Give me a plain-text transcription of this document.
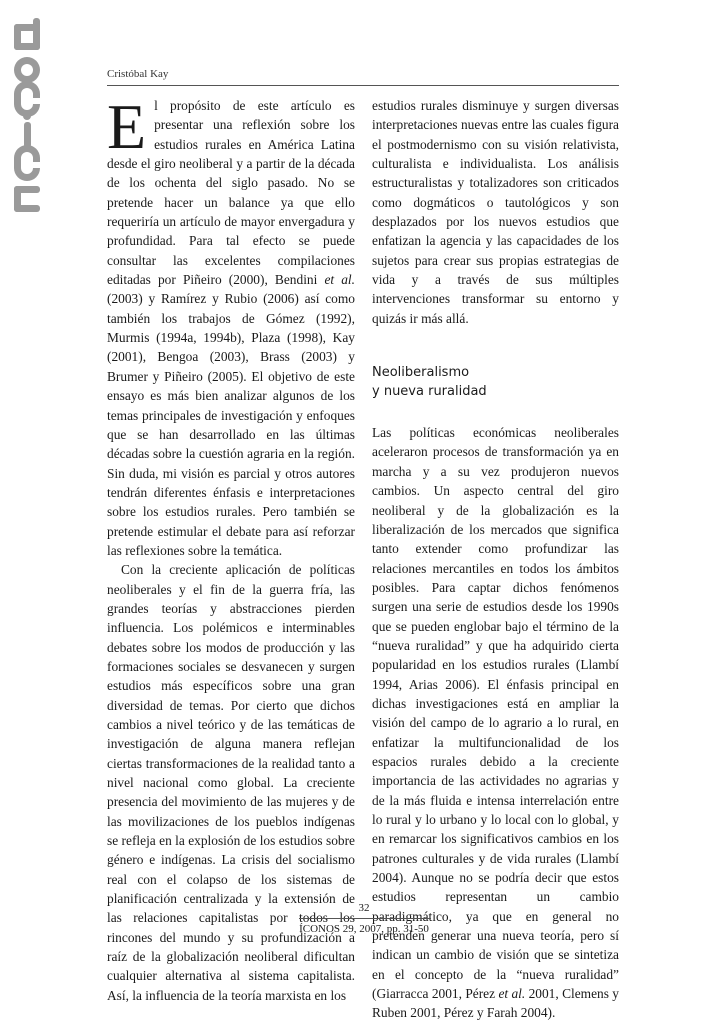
Cristóbal Kay

El propósito de este artículo es presentar una reflexión sobre los estudios rurales en América Latina desde el giro neoliberal y a partir de la década de los ochenta del siglo pasado. No se pretende hacer un balance ya que ello requeriría un artículo de mayor envergadura y profundidad. Para tal efecto se puede consultar las excelentes compilaciones editadas por Piñeiro (2000), Bendini et al. (2003) y Ramírez y Rubio (2006) así como también los trabajos de Gómez (1992), Murmis (1994a, 1994b), Plaza (1998), Kay (2001), Bengoa (2003), Brass (2003) y Brumer y Piñeiro (2005). El objetivo de este ensayo es más bien analizar algunos de los temas principales de investigación y enfoques que se han desarrollado en las últimas décadas sobre la cuestión agraria en la región. Sin duda, mi visión es parcial y otros autores tendrán diferentes énfasis e interpretaciones sobre los estudios rurales. Pero también se pretende estimular el debate para así reforzar las reflexiones sobre la temática.

Con la creciente aplicación de políticas neoliberales y el fin de la guerra fría, las grandes teorías y abstracciones pierden influencia. Los polémicos e interminables debates sobre los modos de producción y las formaciones sociales se desvanecen y surgen estudios más específicos sobre una gran diversidad de temas. Por cierto que dichos cambios a nivel teórico y de las temáticas de investigación de alguna manera reflejan ciertas transformaciones de la realidad tanto a nivel nacional como global. La creciente presencia del movimiento de las mujeres y de las movilizaciones de los pueblos indígenas se refleja en la explosión de los estudios sobre género e indígenas. La crisis del socialismo real con el colapso de los sistemas de planificación centralizada y la extensión de las relaciones capitalistas por todos los rincones del mundo y su profundización a raíz de la globalización neoliberal dificultan cualquier alternativa al sistema capitalista. Así, la influencia de la teoría marxista en los

estudios rurales disminuye y surgen diversas interpretaciones nuevas entre las cuales figura el postmodernismo con su visión relativista, culturalista e individualista. Los análisis estructuralistas y totalizadores son criticados como dogmáticos o tautológicos y son desplazados por los nuevos estudios que enfatizan la agencia y las capacidades de los sujetos para crear sus propias estrategias de vida y a través de sus múltiples intervenciones transformar su entorno y quizás ir más allá.

Neoliberalismo
y nueva ruralidad

Las políticas económicas neoliberales aceleraron procesos de transformación ya en marcha y a su vez produjeron nuevos cambios. Un aspecto central del giro neoliberal y de la globalización es la liberalización de los mercados que significa tanto extender como profundizar las relaciones mercantiles en todos los ámbitos posibles. Para captar dichos fenómenos surgen una serie de estudios desde los 1990s que se pueden englobar bajo el término de la “nueva ruralidad” y que ha adquirido cierta popularidad en los estudios rurales (Llambí 1994, Arias 2006). El énfasis principal en dichas investigaciones está en ampliar la visión del campo de lo agrario a lo rural, en enfatizar la multifuncionalidad de los espacios rurales debido a la creciente importancia de las actividades no agrarias y de la más fluida e intensa interrelación entre lo rural y lo urbano y lo local con lo global, y en remarcar los significativos cambios en los patrones culturales y de vida rurales (Llambí 2004). Aunque no se podría decir que estos estudios representan un cambio paradigmático, ya que en general no pretenden generar una nueva teoría, pero sí indican un cambio de visión que se sintetiza en el concepto de la “nueva ruralidad” (Giarracca 2001, Pérez et al. 2001, Clemens y Ruben 2001, Pérez y Farah 2004).

32
ÍCONOS 29, 2007, pp. 31-50
